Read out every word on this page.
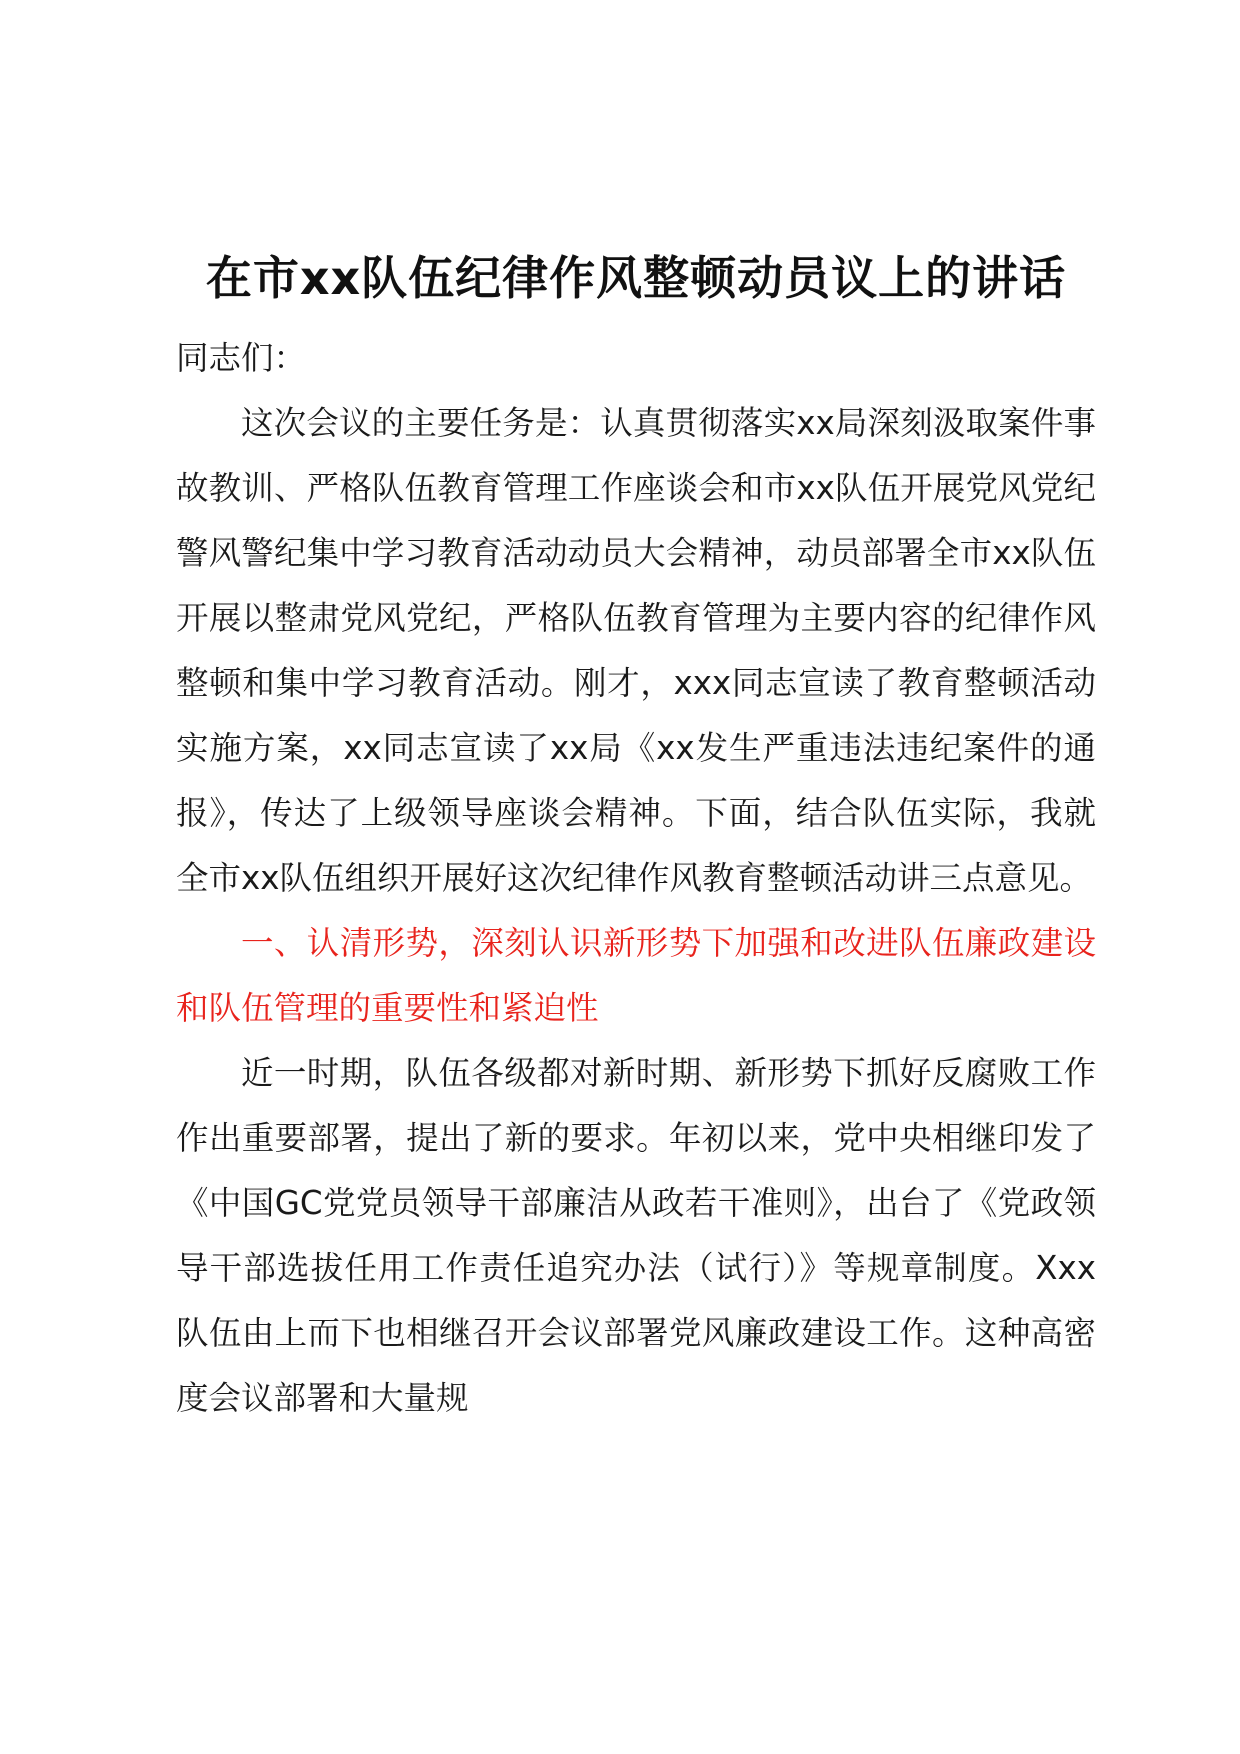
在市xx队伍纪律作风整顿动员议上的讲话

同志们：

这次会议的主要任务是：认真贯彻落实xx局深刻汲取案件事故教训、严格队伍教育管理工作座谈会和市xx队伍开展党风党纪警风警纪集中学习教育活动动员大会精神，动员部署全市xx队伍开展以整肃党风党纪，严格队伍教育管理为主要内容的纪律作风整顿和集中学习教育活动。刚才，xxx同志宣读了教育整顿活动实施方案，xx同志宣读了xx局《xx发生严重违法违纪案件的通报》，传达了上级领导座谈会精神。下面，结合队伍实际，我就全市xx队伍组织开展好这次纪律作风教育整顿活动讲三点意见。

一、认清形势，深刻认识新形势下加强和改进队伍廉政建设和队伍管理的重要性和紧迫性

近一时期，队伍各级都对新时期、新形势下抓好反腐败工作作出重要部署，提出了新的要求。年初以来，党中央相继印发了《中国GC党党员领导干部廉洁从政若干准则》，出台了《党政领导干部选拔任用工作责任追究办法（试行）》等规章制度。Xxx队伍由上而下也相继召开会议部署党风廉政建设工作。这种高密度会议部署和大量规
